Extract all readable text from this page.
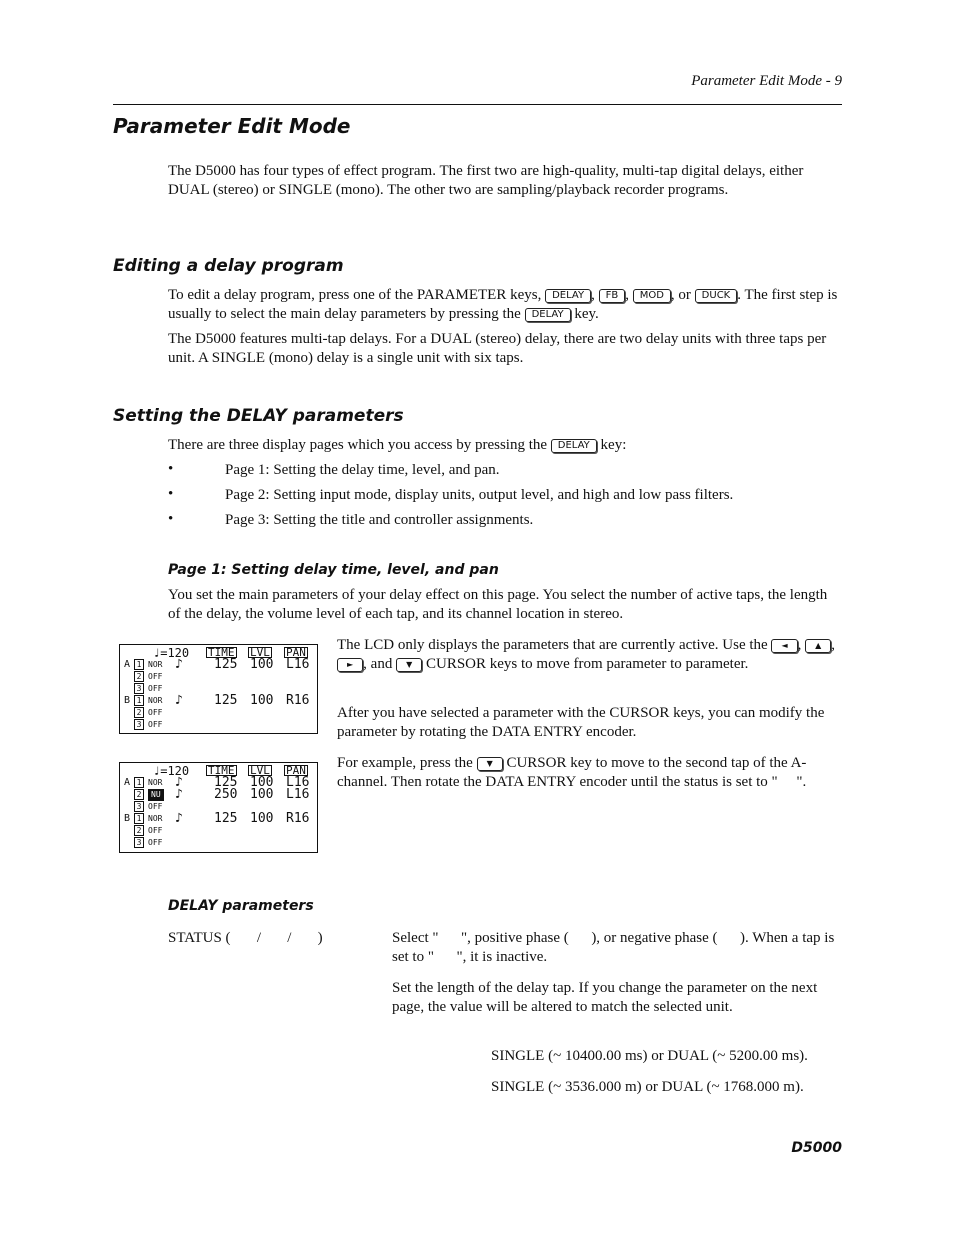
Parameter Edit Mode - 9
Parameter Edit Mode

The D5000 has four types of effect program. The first two are high-quality, multi-tap digital delays, either DUAL (stereo) or SINGLE (mono). The other two are sampling/playback recorder programs.

Editing a delay program

To edit a delay program, press one of the PARAMETER keys, DELAY , FB , MOD , or DUCK . The first step is usually to select the main delay parameters by pressing the DELAY key.

The D5000 features multi-tap delays. For a DUAL (stereo) delay, there are two delay units with three taps per unit. A SINGLE (mono) delay is a single unit with six taps.

Setting the DELAY parameters

There are three display pages which you access by pressing the DELAY key:

•	Page 1: Setting the delay time, level, and pan.

•	Page 2: Setting input mode, display units, output level, and high and low pass filters.

•	Page 3: Setting the title and controller assignments.

Page 1: Setting delay time, level, and pan

You set the main parameters of your delay effect on this page. You select the number of active taps, the length of the delay, the volume level of each tap, and its channel location in stereo.

♩=120 TIME LVL PAN
A 1 NOR ♪ 125 100 L16
2 OFF
3 OFF
B 1 NOR ♪ 125 100 R16
2 OFF
3 OFF
♩=120 TIME LVL PAN
A 1 NOR ♪ 125 100 L16
2	NU ♪ 250 100 L16
3 OFF
B 1 NOR ♪ 125 100 R16
2 OFF
3 OFF

The LCD only displays the parameters that are currently active. Use the ◄ , ▲ , ► , and ▼ CURSOR keys to move from parameter to parameter.

After you have selected a parameter with the CURSOR keys, you can modify the parameter by rotating the DATA ENTRY encoder.

For example, press the ▼ CURSOR key to move to the second tap of the A-channel. Then rotate the DATA ENTRY encoder until the status is set to " ".

DELAY parameters

STATUS ( / / )	Select " ", positive phase ( ), or negative phase ( ). When a tap is set to " ", it is inactive.

Set the length of the delay tap. If you change the parameter on the next page, the value will be altered to match the selected unit.

SINGLE (~ 10400.00 ms) or DUAL (~ 5200.00 ms).

SINGLE (~ 3536.000 m) or DUAL (~ 1768.000 m).

D5000
